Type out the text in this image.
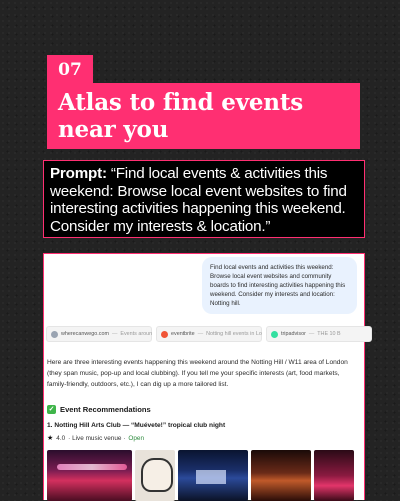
07
Atlas to find events
near you
Prompt: “Find local events & activities this weekend: Browse local event websites to find interesting activities happening this weekend. Consider my interests & location.”
Find local events and activities this weekend: Browse local event websites and community boards to find interesting activities happening this weekend. Consider my interests and location: Notting hill.
wherecanwego.com — Events aroun	eventbrite — Notting hill events in Lo	tripadvisor — THE 10 B
Here are three interesting events happening this weekend around the Notting Hill / W11 area of London (they span music, pop-up and local clubbing). If you tell me your specific interests (art, food markets, family-friendly, outdoors, etc.), I can dig up a more tailored list.
✓ Event Recommendations
1. Notting Hill Arts Club — “Muévete!” tropical club night
★ 4.0 · Live music venue · Open
